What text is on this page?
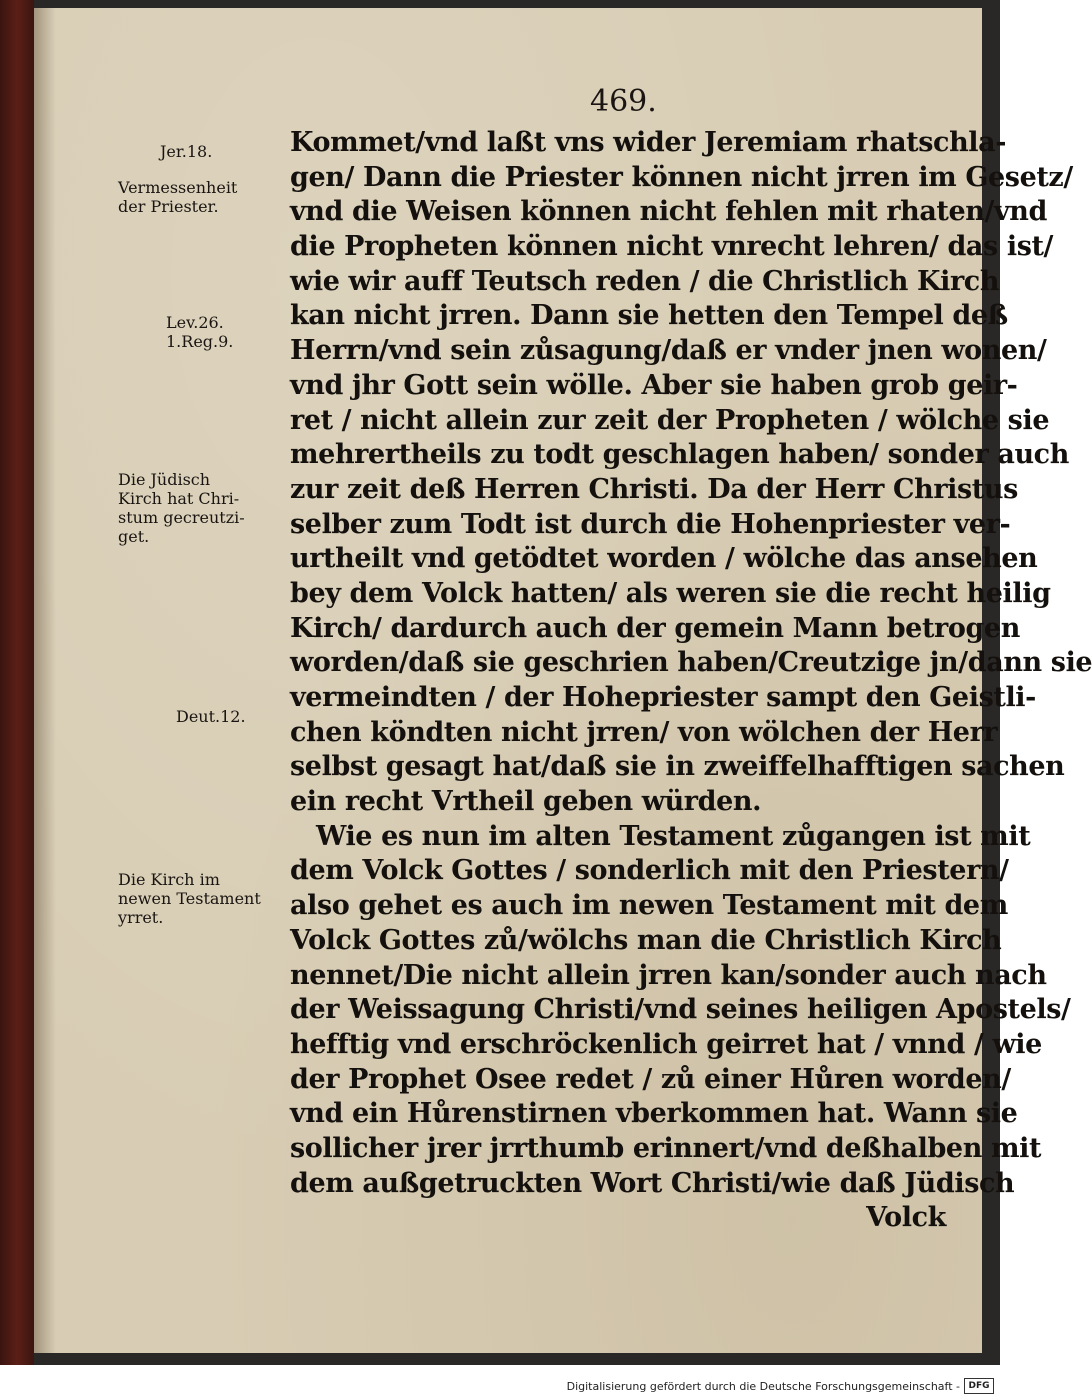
469.
Kommet/vnd laßt vns wider Jeremiam rhatschla-
gen/ Dann die Priester können nicht jrren im Gesetz/
vnd die Weisen können nicht fehlen mit rhaten/vnd
die Propheten können nicht vnrecht lehren/ das ist/
wie wir auff Teutsch reden / die Christlich Kirch
kan nicht jrren. Dann sie hetten den Tempel deß
Herrn/vnd sein zůsagung/daß er vnder jnen wonen/
vnd jhr Gott sein wölle. Aber sie haben grob geir-
ret / nicht allein zur zeit der Propheten / wölche sie
mehrertheils zu todt geschlagen haben/ sonder auch
zur zeit deß Herren Christi. Da der Herr Christus
selber zum Todt ist durch die Hohenpriester ver-
urtheilt vnd getödtet worden / wölche das ansehen
bey dem Volck hatten/ als weren sie die recht heilig
Kirch/ dardurch auch der gemein Mann betrogen
worden/daß sie geschrien haben/Creutzige jn/dann sie
vermeindten / der Hohepriester sampt den Geistli-
chen köndten nicht jrren/ von wölchen der Herr
selbst gesagt hat/daß sie in zweiffelhafftigen sachen
ein recht Vrtheil geben würden.
Wie es nun im alten Testament zůgangen ist mit
dem Volck Gottes / sonderlich mit den Priestern/
also gehet es auch im newen Testament mit dem
Volck Gottes zů/wölchs man die Christlich Kirch
nennet/Die nicht allein jrren kan/sonder auch nach
der Weissagung Christi/vnd seines heiligen Apostels/
hefftig vnd erschröckenlich geirret hat / vnnd / wie
der Prophet Osee redet / zů einer Hůren worden/
vnd ein Hůrenstirnen vberkommen hat. Wann sie
sollicher jrer jrrthumb erinnert/vnd deßhalben mit
dem außgetruckten Wort Christi/wie daß Jüdisch
Volck
Jer.18.
Vermessenheit
der Priester.
Lev.26.
1.Reg.9.
Die Jüdisch
Kirch hat Chri-
stum gecreutzi-
get.
Deut.12.
Die Kirch im
newen Testament
yrret.
Digitalisierung gefördert durch die Deutsche Forschungsgemeinschaft - DFG
